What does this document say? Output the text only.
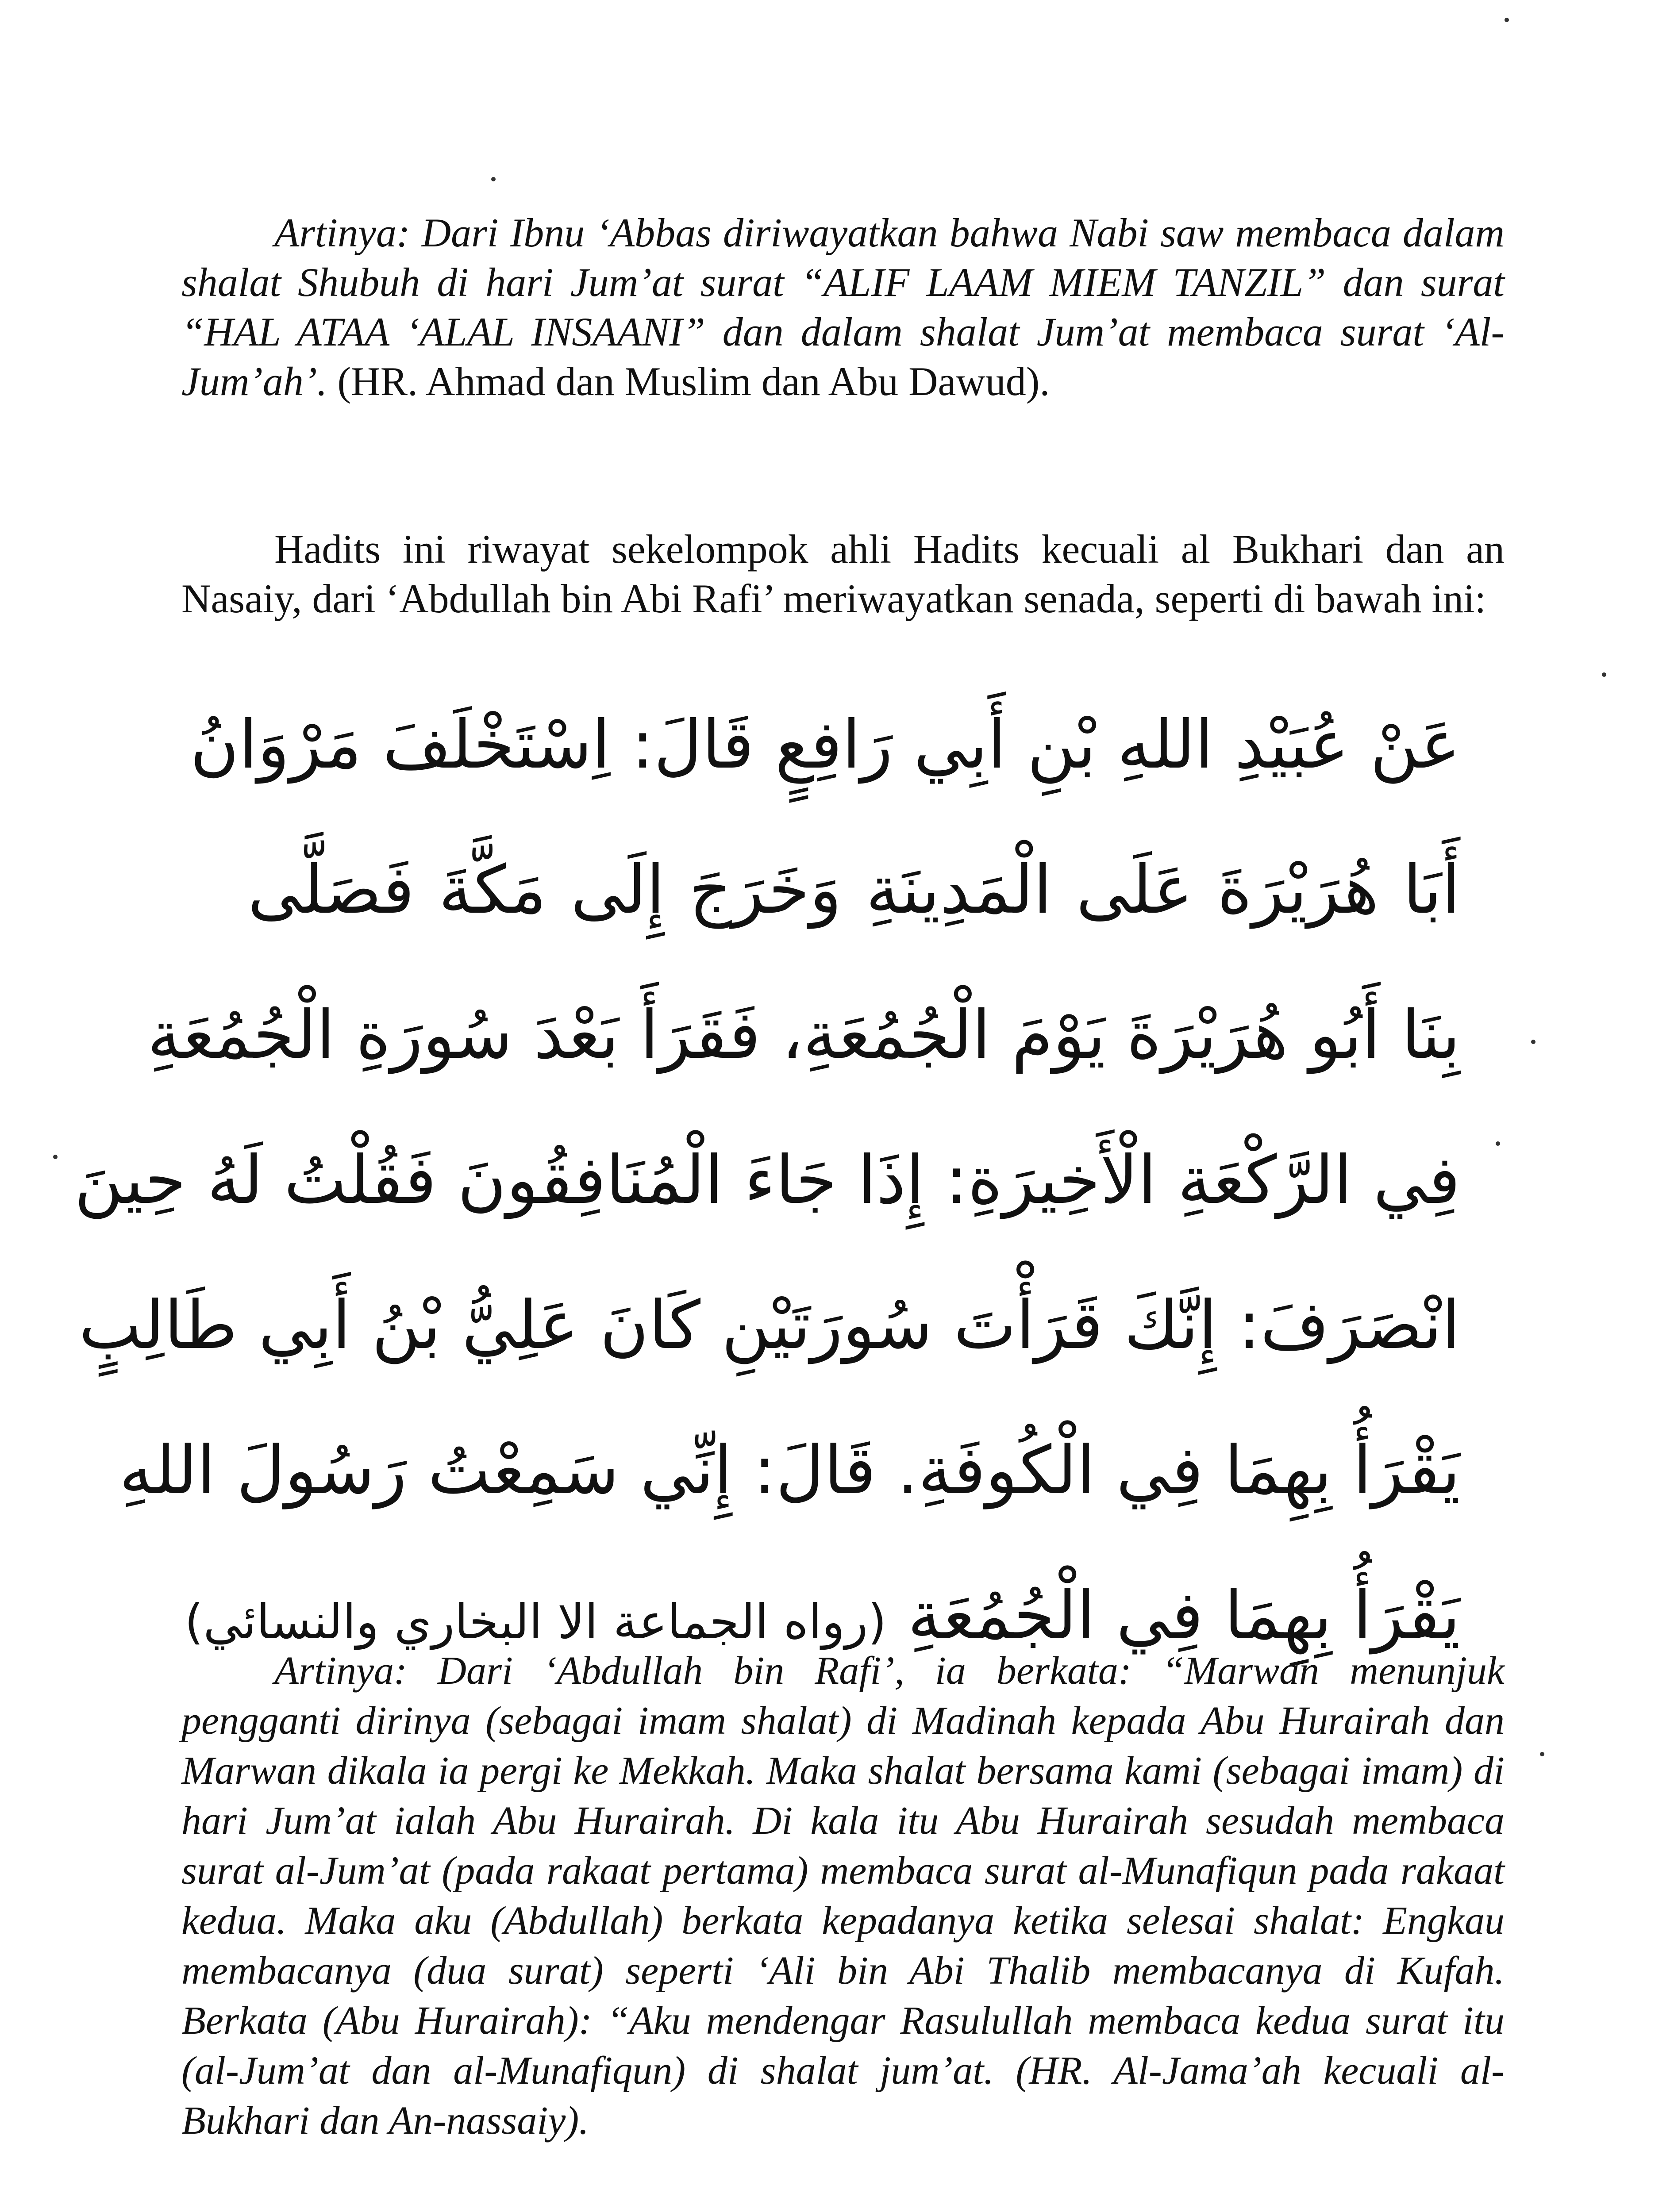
Artinya: Dari Ibnu ‘Abbas diriwayatkan bahwa Nabi saw membaca dalam shalat Shubuh di hari Jum’at surat “ALIF LAAM MIEM TANZIL” dan surat “HAL ATAA ‘ALAL INSAANI” dan dalam shalat Jum’at membaca surat ‘Al-Jum’ah’. (HR. Ahmad dan Muslim dan Abu Dawud).

Hadits ini riwayat sekelompok ahli Hadits kecuali al Bukhari dan an Nasaiy, dari ‘Abdullah bin Abi Rafi’ meriwayatkan senada, seperti di bawah ini:

عَنْ عُبَيْدِ اللهِ بْنِ أَبِي رَافِعٍ قَالَ: اِسْتَخْلَفَ مَرْوَانُ
أَبَا هُرَيْرَةَ عَلَى الْمَدِينَةِ وَخَرَجَ إِلَى مَكَّةَ فَصَلَّى
بِنَا أَبُو هُرَيْرَةَ يَوْمَ الْجُمُعَةِ، فَقَرَأَ بَعْدَ سُورَةِ الْجُمُعَةِ
فِي الرَّكْعَةِ الْأَخِيرَةِ: إِذَا جَاءَ الْمُنَافِقُونَ فَقُلْتُ لَهُ حِينَ
انْصَرَفَ: إِنَّكَ قَرَأْتَ سُورَتَيْنِ كَانَ عَلِيُّ بْنُ أَبِي طَالِبٍ
يَقْرَأُ بِهِمَا فِي الْكُوفَةِ. قَالَ: إِنِّي سَمِعْتُ رَسُولَ اللهِ
يَقْرَأُ بِهِمَا فِي الْجُمُعَةِ (رواه الجماعة الا البخاري والنسائي)

Artinya: Dari ‘Abdullah bin Rafi’, ia berkata: “Marwan menunjuk pengganti dirinya (sebagai imam shalat) di Madinah kepada Abu Hurairah dan Marwan dikala ia pergi ke Mekkah. Maka shalat bersama kami (sebagai imam) di hari Jum’at ialah Abu Hurairah. Di kala itu Abu Hurairah sesudah membaca surat al-Jum’at (pada rakaat pertama) membaca surat al-Munafiqun pada rakaat kedua. Maka aku (Abdullah) berkata kepadanya ketika selesai shalat: Engkau membacanya (dua surat) seperti ‘Ali bin Abi Thalib membacanya di Kufah. Berkata (Abu Hurairah): “Aku mendengar Rasulullah membaca kedua surat itu (al-Jum’at dan al-Munafiqun) di shalat jum’at. (HR. Al-Jama’ah kecuali al-Bukhari dan An-nassaiy).
